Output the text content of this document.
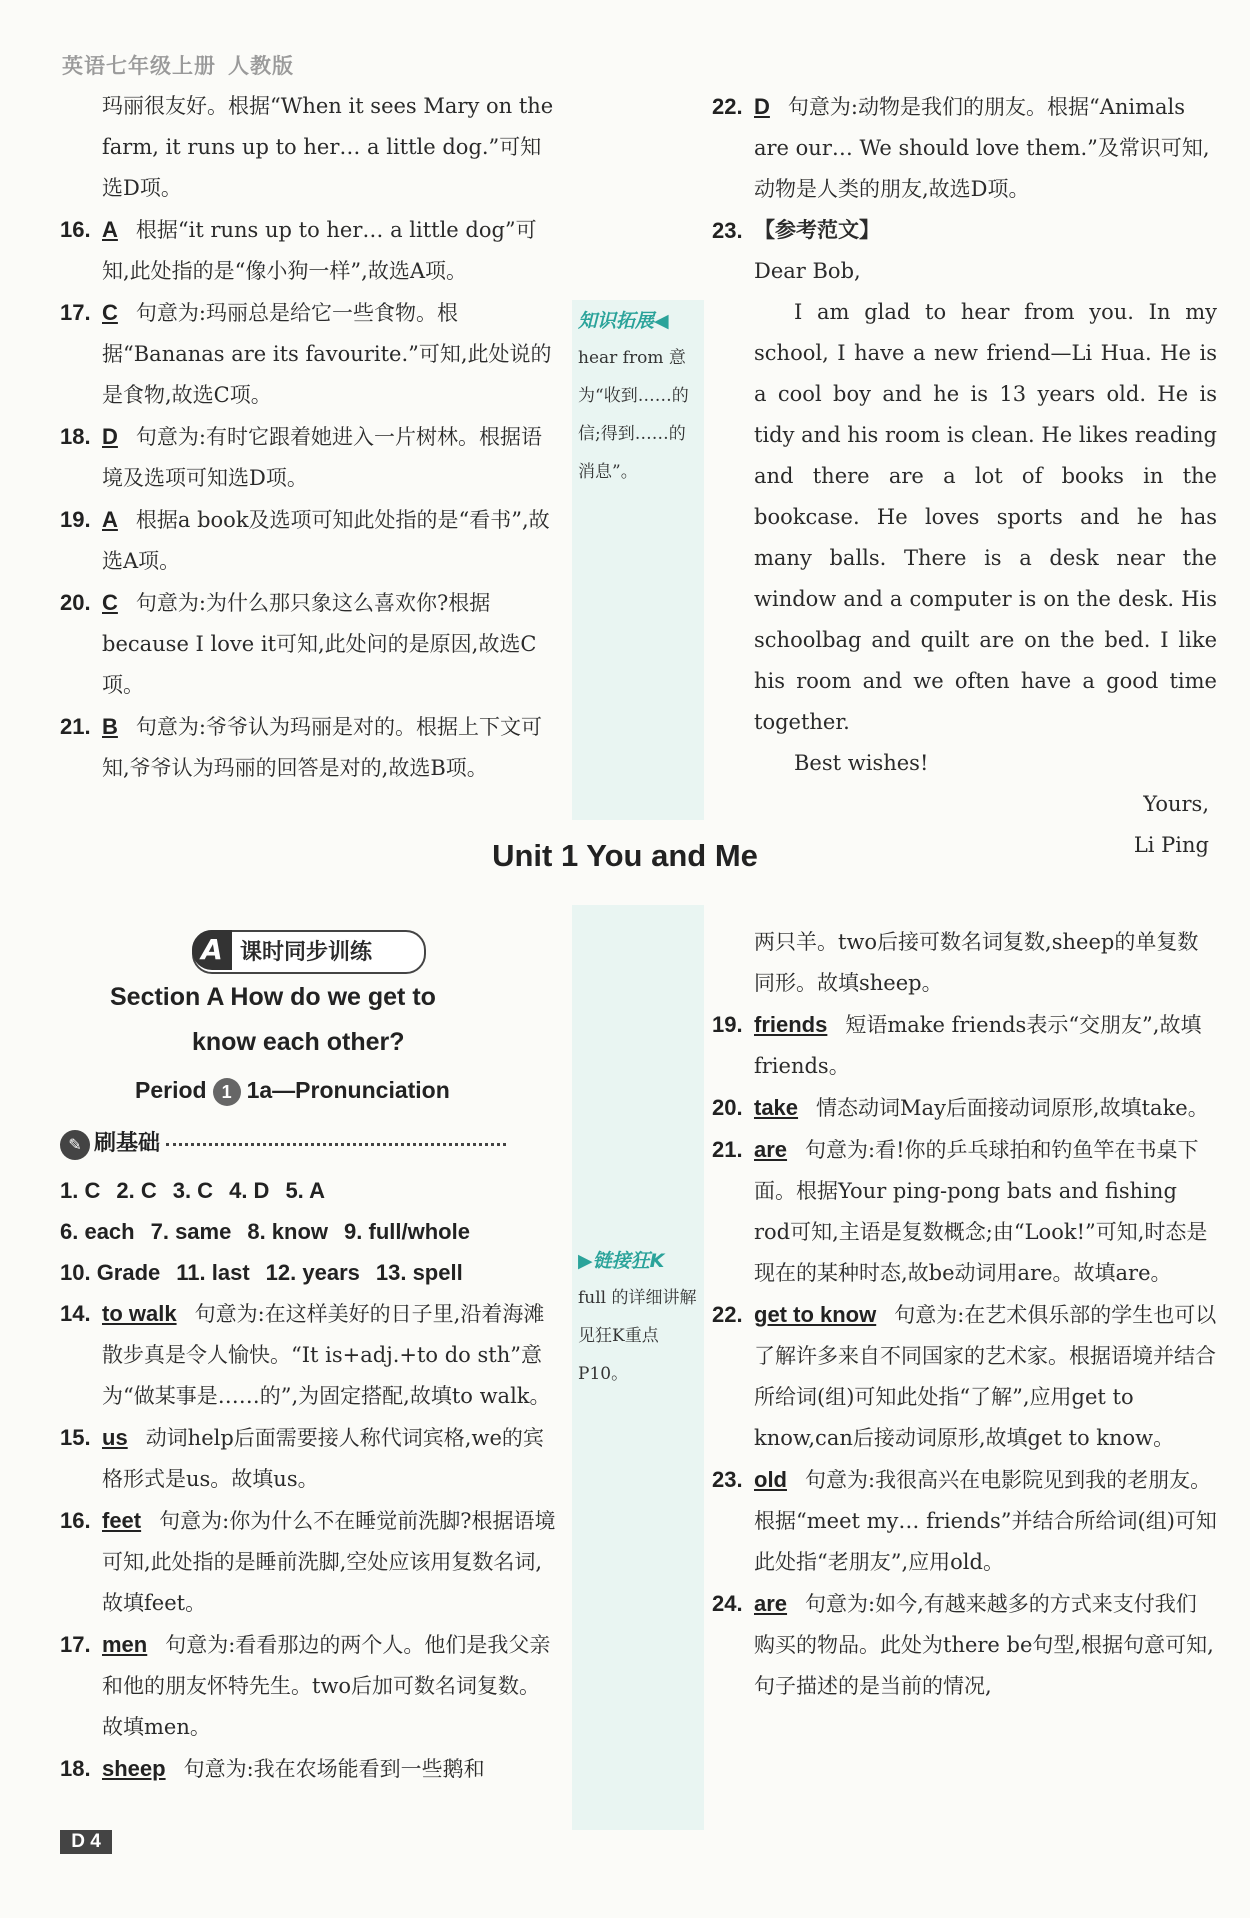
英语七年级上册 人教版
玛丽很友好。根据“When it sees Mary on the farm, it runs up to her… a little dog.”可知选D项。
16. A 根据“it runs up to her… a little dog”可知,此处指的是“像小狗一样”,故选A项。
17. C 句意为:玛丽总是给它一些食物。根据“Bananas are its favourite.”可知,此处说的是食物,故选C项。
18. D 句意为:有时它跟着她进入一片树林。根据语境及选项可知选D项。
19. A 根据a book及选项可知此处指的是“看书”,故选A项。
20. C 句意为:为什么那只象这么喜欢你?根据because I love it可知,此处问的是原因,故选C项。
21. B 句意为:爷爷认为玛丽是对的。根据上下文可知,爷爷认为玛丽的回答是对的,故选B项。
知识拓展◀
hear from 意为“收到……的信;得到……的消息”。
22. D 句意为:动物是我们的朋友。根据“Animals are our… We should love them.”及常识可知,动物是人类的朋友,故选D项。
23. 【参考范文】
Dear Bob,
I am glad to hear from you. In my school, I have a new friend—Li Hua. He is a cool boy and he is 13 years old. He is tidy and his room is clean. He likes reading and there are a lot of books in the bookcase. He loves sports and he has many balls. There is a desk near the window and a computer is on the desk. His schoolbag and quilt are on the bed. I like his room and we often have a good time together.
Best wishes!
Yours,
Li Ping
Unit 1 You and Me
A 课时同步训练
Section A How do we get to
know each other?
Period 1 1a—Pronunciation
✎ 刷基础
1. C 2. C 3. C 4. D 5. A
6. each 7. same 8. know 9. full/whole
10. Grade 11. last 12. years 13. spell
14. to walk 句意为:在这样美好的日子里,沿着海滩散步真是令人愉快。“It is+adj.+to do sth”意为“做某事是……的”,为固定搭配,故填to walk。
15. us 动词help后面需要接人称代词宾格,we的宾格形式是us。故填us。
16. feet 句意为:你为什么不在睡觉前洗脚?根据语境可知,此处指的是睡前洗脚,空处应该用复数名词,故填feet。
17. men 句意为:看看那边的两个人。他们是我父亲和他的朋友怀特先生。two后加可数名词复数。故填men。
18. sheep 句意为:我在农场能看到一些鹅和
▶链接狂K
full 的详细讲解见狂K重点P10。
两只羊。two后接可数名词复数,sheep的单复数同形。故填sheep。
19. friends 短语make friends表示“交朋友”,故填friends。
20. take 情态动词May后面接动词原形,故填take。
21. are 句意为:看!你的乒乓球拍和钓鱼竿在书桌下面。根据Your ping-pong bats and fishing rod可知,主语是复数概念;由“Look!”可知,时态是现在的某种时态,故be动词用are。故填are。
22. get to know 句意为:在艺术俱乐部的学生也可以了解许多来自不同国家的艺术家。根据语境并结合所给词(组)可知此处指“了解”,应用get to know,can后接动词原形,故填get to know。
23. old 句意为:我很高兴在电影院见到我的老朋友。根据“meet my… friends”并结合所给词(组)可知此处指“老朋友”,应用old。
24. are 句意为:如今,有越来越多的方式来支付我们购买的物品。此处为there be句型,根据句意可知,句子描述的是当前的情况,
D 4
